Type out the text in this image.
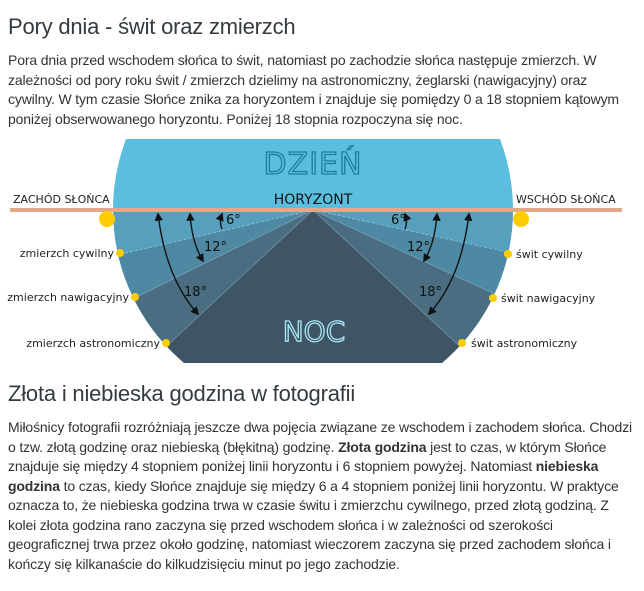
Pory dnia - świt oraz zmierzch

Pora dnia przed wschodem słońca to świt, natomiast po zachodzie słońca następuje zmierzch. W zależności od pory roku świt / zmierzch dzielimy na astronomiczny, żeglarski (nawigacyjny) oraz cywilny. W tym czasie Słońce znika za horyzontem i znajduje się pomiędzy 0 a 18 stopniem kątowym poniżej obserwowanego horyzontu. Poniżej 18 stopnia rozpoczyna się noc.

DZIEŃ
HORYZONT
NOC
ZACHÓD SŁOŃCA	WSCHÓD SŁOŃCA
zmierzch cywilny
zmierzch nawigacyjny
zmierzch astronomiczny
świt cywilny
świt nawigacyjny
świt astronomiczny
6°
12°
18°
6°
12°
18°
Złota i niebieska godzina w fotografii

Miłośnicy fotografii rozróżniają jeszcze dwa pojęcia związane ze wschodem i zachodem słońca. Chodzi o tzw. złotą godzinę oraz niebieską (błękitną) godzinę. Złota godzina jest to czas, w którym Słońce znajduje się między 4 stopniem poniżej linii horyzontu i 6 stopniem powyżej. Natomiast niebieska godzina to czas, kiedy Słońce znajduje się między 6 a 4 stopniem poniżej linii horyzontu. W praktyce oznacza to, że niebieska godzina trwa w czasie świtu i zmierzchu cywilnego, przed złotą godziną. Z kolei złota godzina rano zaczyna się przed wschodem słońca i w zależności od szerokości geograficznej trwa przez około godzinę, natomiast wieczorem zaczyna się przed zachodem słońca i kończy się kilkanaście do kilkudzisięciu minut po jego zachodzie.
